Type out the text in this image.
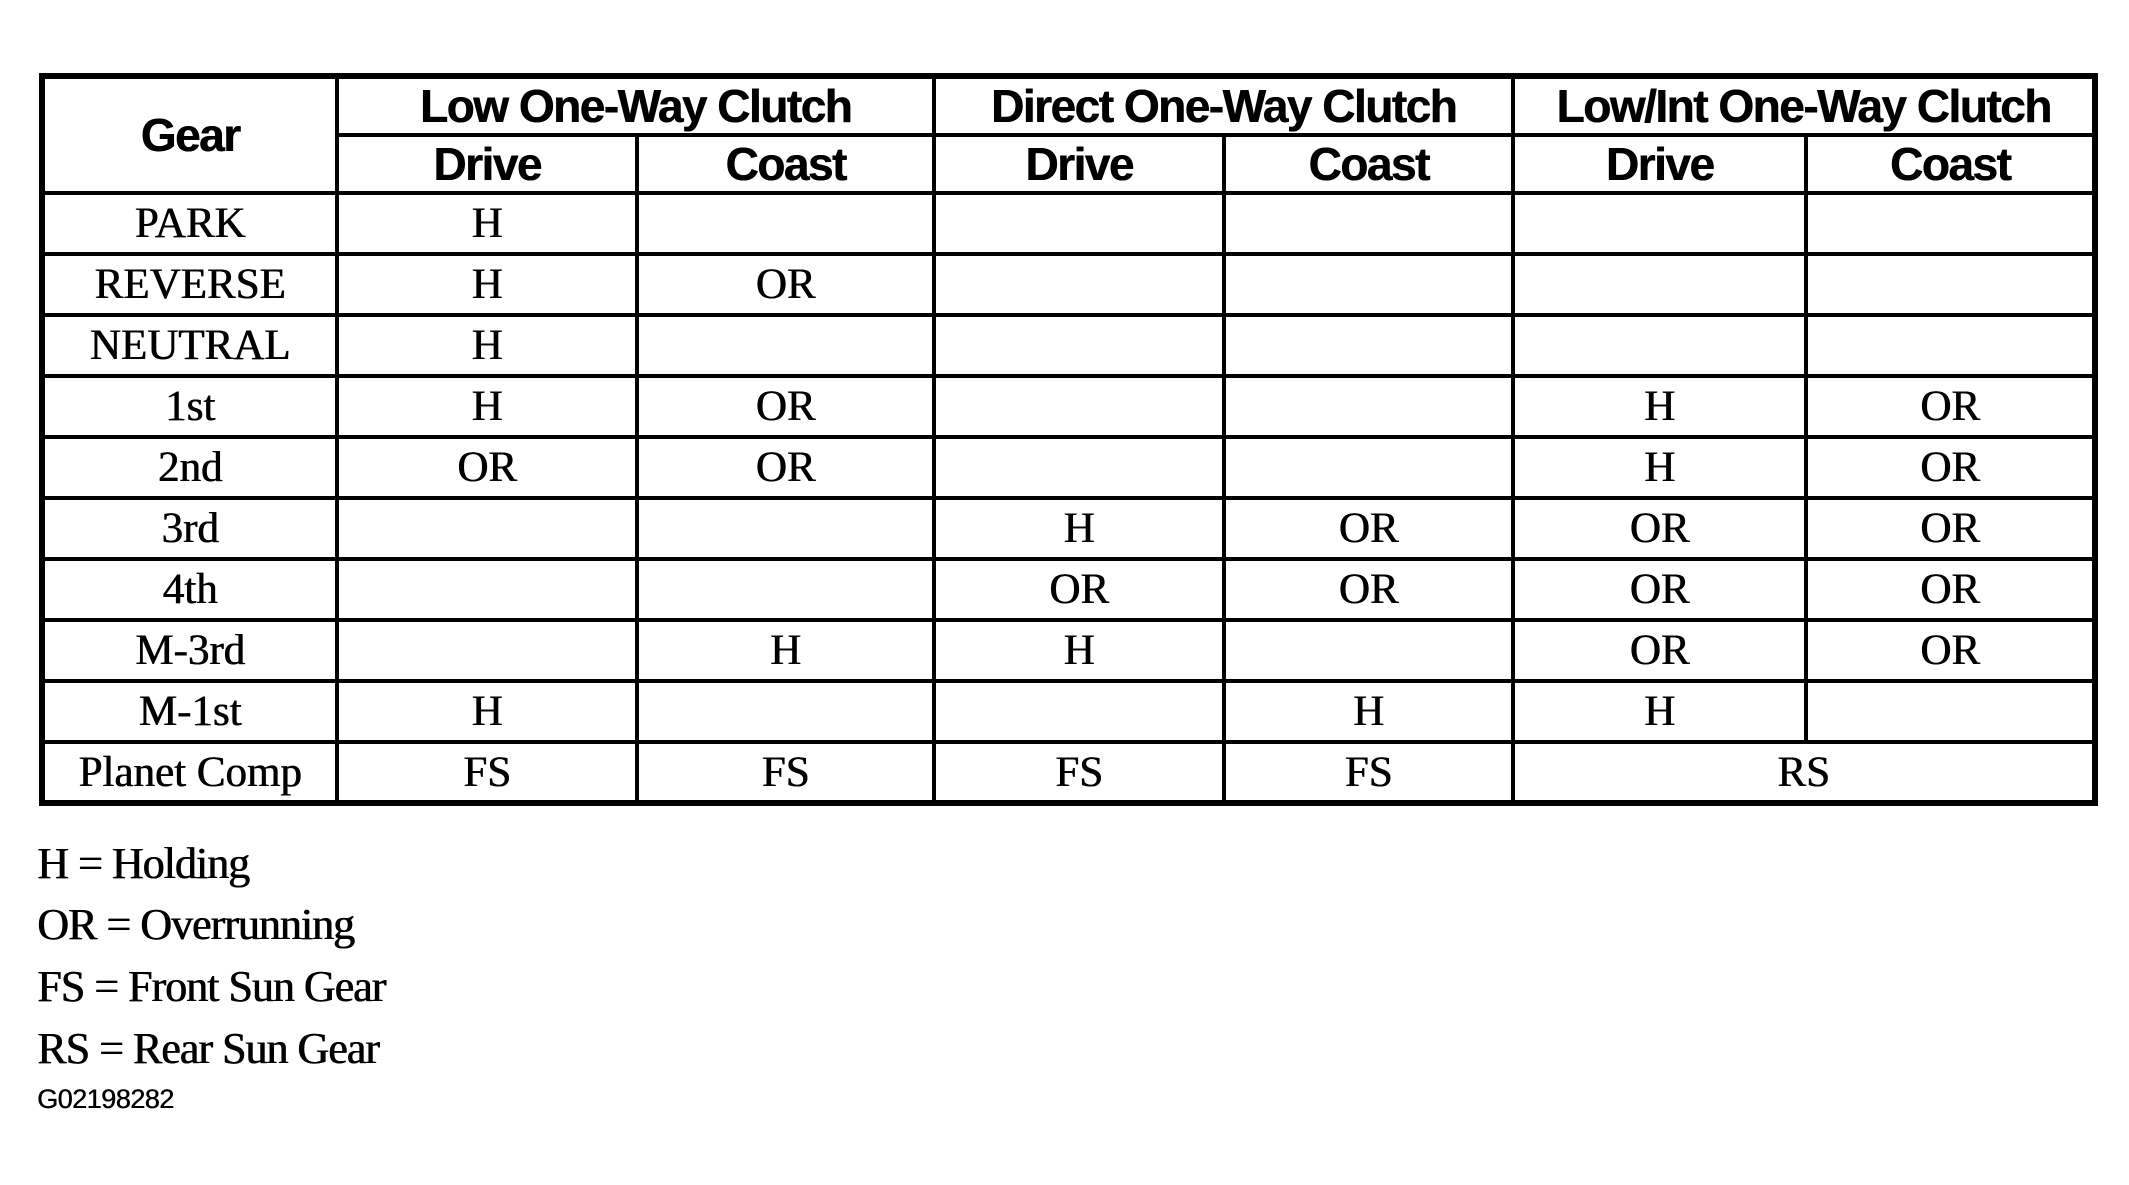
Gear	Low One-Way Clutch		Direct One-Way Clutch		Low/Int One-Way Clutch	
	Drive	Coast	Drive	Coast	Drive	Coast
PARK	H					
REVERSE	H	OR				
NEUTRAL	H					
1st	H	OR			H	OR
2nd	OR	OR			H	OR
3rd			H	OR	OR	OR
4th			OR	OR	OR	OR
M-3rd		H	H		OR	OR
M-1st	H			H	H	
Planet Comp	FS	FS	FS	FS	RS	
H = Holding
OR = Overrunning
FS = Front Sun Gear
RS = Rear Sun Gear
G02198282
